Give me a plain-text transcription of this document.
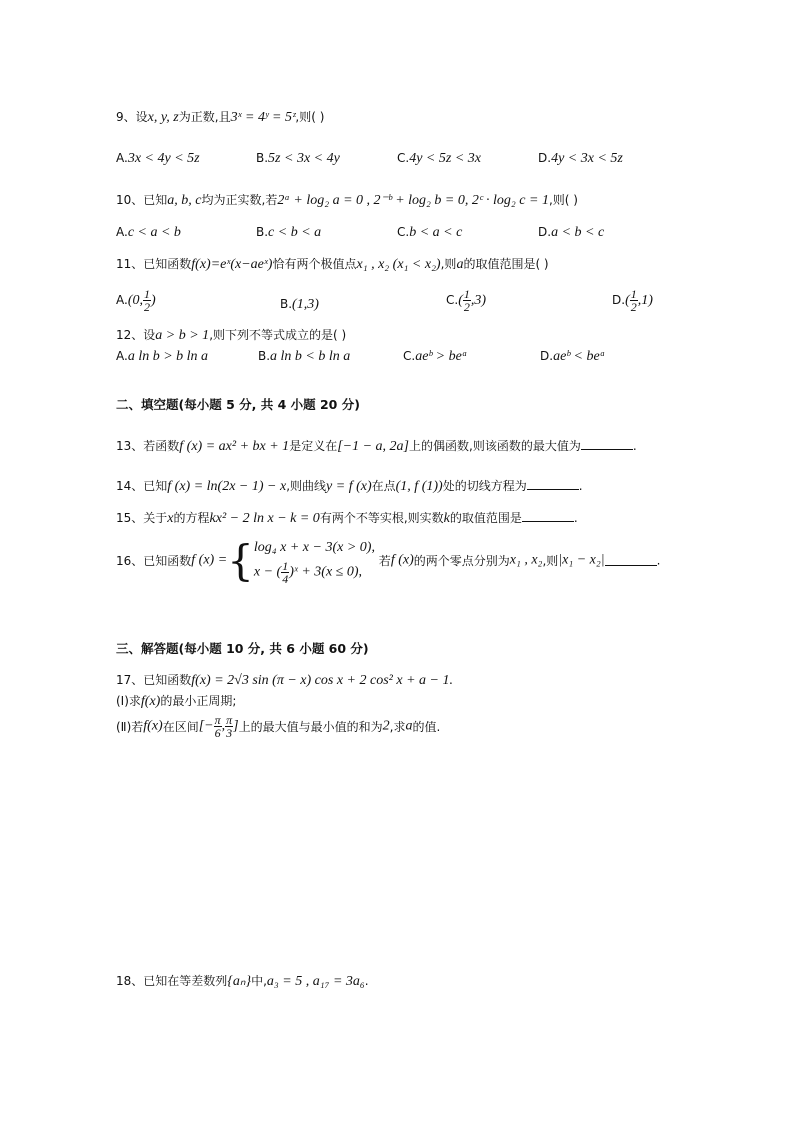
9、设x, y, z为正数,且3ˣ = 4ʸ = 5ᶻ,则( )
A.3x < 4y < 5z	B.5z < 3x < 4y	C.4y < 5z < 3x	D.4y < 3x < 5z
10、已知a, b, c均为正实数,若2ᵃ + log₂ a = 0 , 2⁻ᵇ + log₂ b = 0, 2ᶜ · log₂ c = 1,则( )
A.c < a < b	B.c < b < a	C.b < a < c	D.a < b < c
11、已知函数f(x)=eˣ(x−aeˣ)恰有两个极值点x₁ , x₂ (x₁ < x₂),则a的取值范围是( )
A.(0, $\frac{1}{2}$ )	B.(1,3)	$C.( \frac{1}{2} ,3)$	$D.( \frac{1}{2} ,1)$
12、设a > b > 1,则下列不等式成立的是( )
A.a ln b > b ln a	B.a ln b < b ln a	C.aeᵇ > beᵃ	D.aeᵇ < beᵃ
二、填空题(每小题 5 分, 共 4 小题 20 分)
13、若函数f (x) = ax² + bx + 1是定义在[−1 − a, 2a]上的偶函数,则该函数的最大值为	.
14、已知f (x) = ln(2x − 1) − x,则曲线y = f (x)在点(1, f (1))处的切线方程为	.
15、关于x的方程kx² − 2 ln x − k = 0有两个不等实根,则实数k的取值范围是	.
16、已知函数f (x) ={ log₄ x + x − 3(x > 0),
x − ( $\frac{1}{4}$ )ˣ + 3(x ≤ 0),
若f (x)的两个零点分别为x₁ , x₂,则|x₁ − x₂|	.
三、解答题(每小题 10 分, 共 6 小题 60 分)
17、已知函数f(x) = 2√3 sin (π − x) cos x + 2 cos² x + a − 1.
(Ⅰ)求f(x)的最小正周期;
(Ⅱ)若f(x)在区间[− $\frac{\pi}{6}$ , $\frac{\pi}{3}$ ]上的最大值与最小值的和为2,求a的值.
18、已知在等差数列{aₙ}中,a₃ = 5 , a₁₇ = 3a₆.
